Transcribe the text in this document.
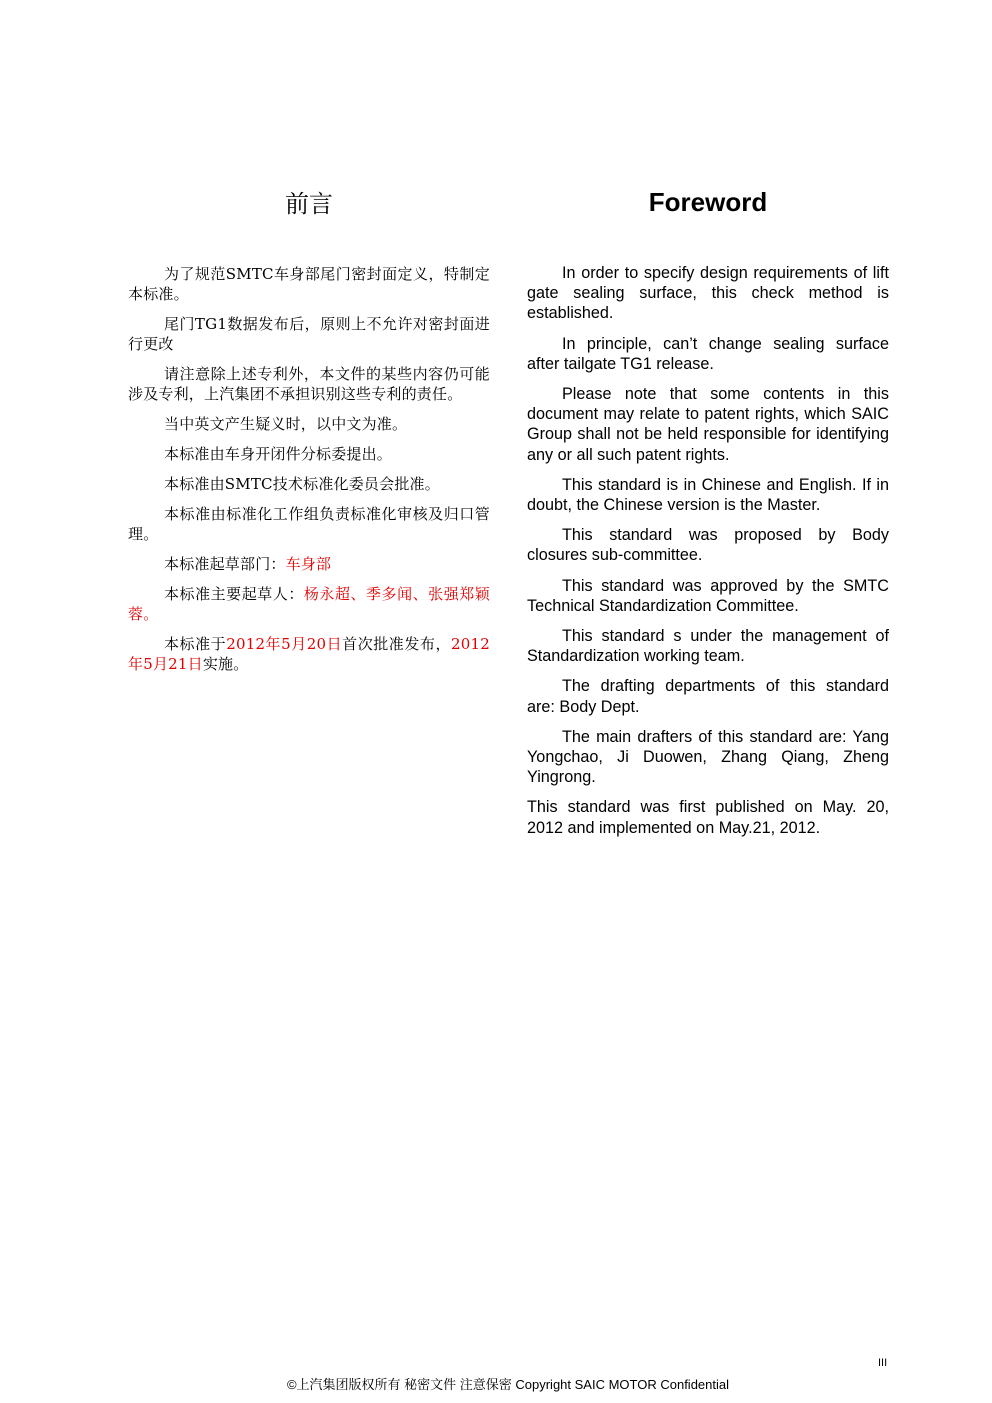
前言

为了规范SMTC车身部尾门密封面定义，特制定本标准。

尾门TG1数据发布后，原则上不允许对密封面进行更改

请注意除上述专利外，本文件的某些内容仍可能涉及专利，上汽集团不承担识别这些专利的责任。

当中英文产生疑义时，以中文为准。

本标准由车身开闭件分标委提出。

本标准由SMTC技术标准化委员会批准。

本标准由标准化工作组负责标准化审核及归口管理。

本标准起草部门：车身部

本标准主要起草人：杨永超、季多闻、张强郑颖蓉。

本标准于2012年5月20日首次批准发布，2012年5月21日实施。

Foreword

In order to specify design requirements of lift gate sealing surface, this check method is established.

In principle, can’t change sealing surface after tailgate TG1 release.

Please note that some contents in this document may relate to patent rights, which SAIC Group shall not be held responsible for identifying any or all such patent rights.

This standard is in Chinese and English. If in doubt, the Chinese version is the Master.

This standard was proposed by Body closures sub-committee.

This standard was approved by the SMTC Technical Standardization Committee.

This standard s under the management of Standardization working team.

The drafting departments of this standard are: Body Dept.

The main drafters of this standard are: Yang Yongchao, Ji Duowen, Zhang Qiang, Zheng Yingrong.

This standard was first published on May. 20, 2012 and implemented on May.21, 2012.

III
©上汽集团版权所有 秘密文件 注意保密 Copyright SAIC MOTOR Confidential
